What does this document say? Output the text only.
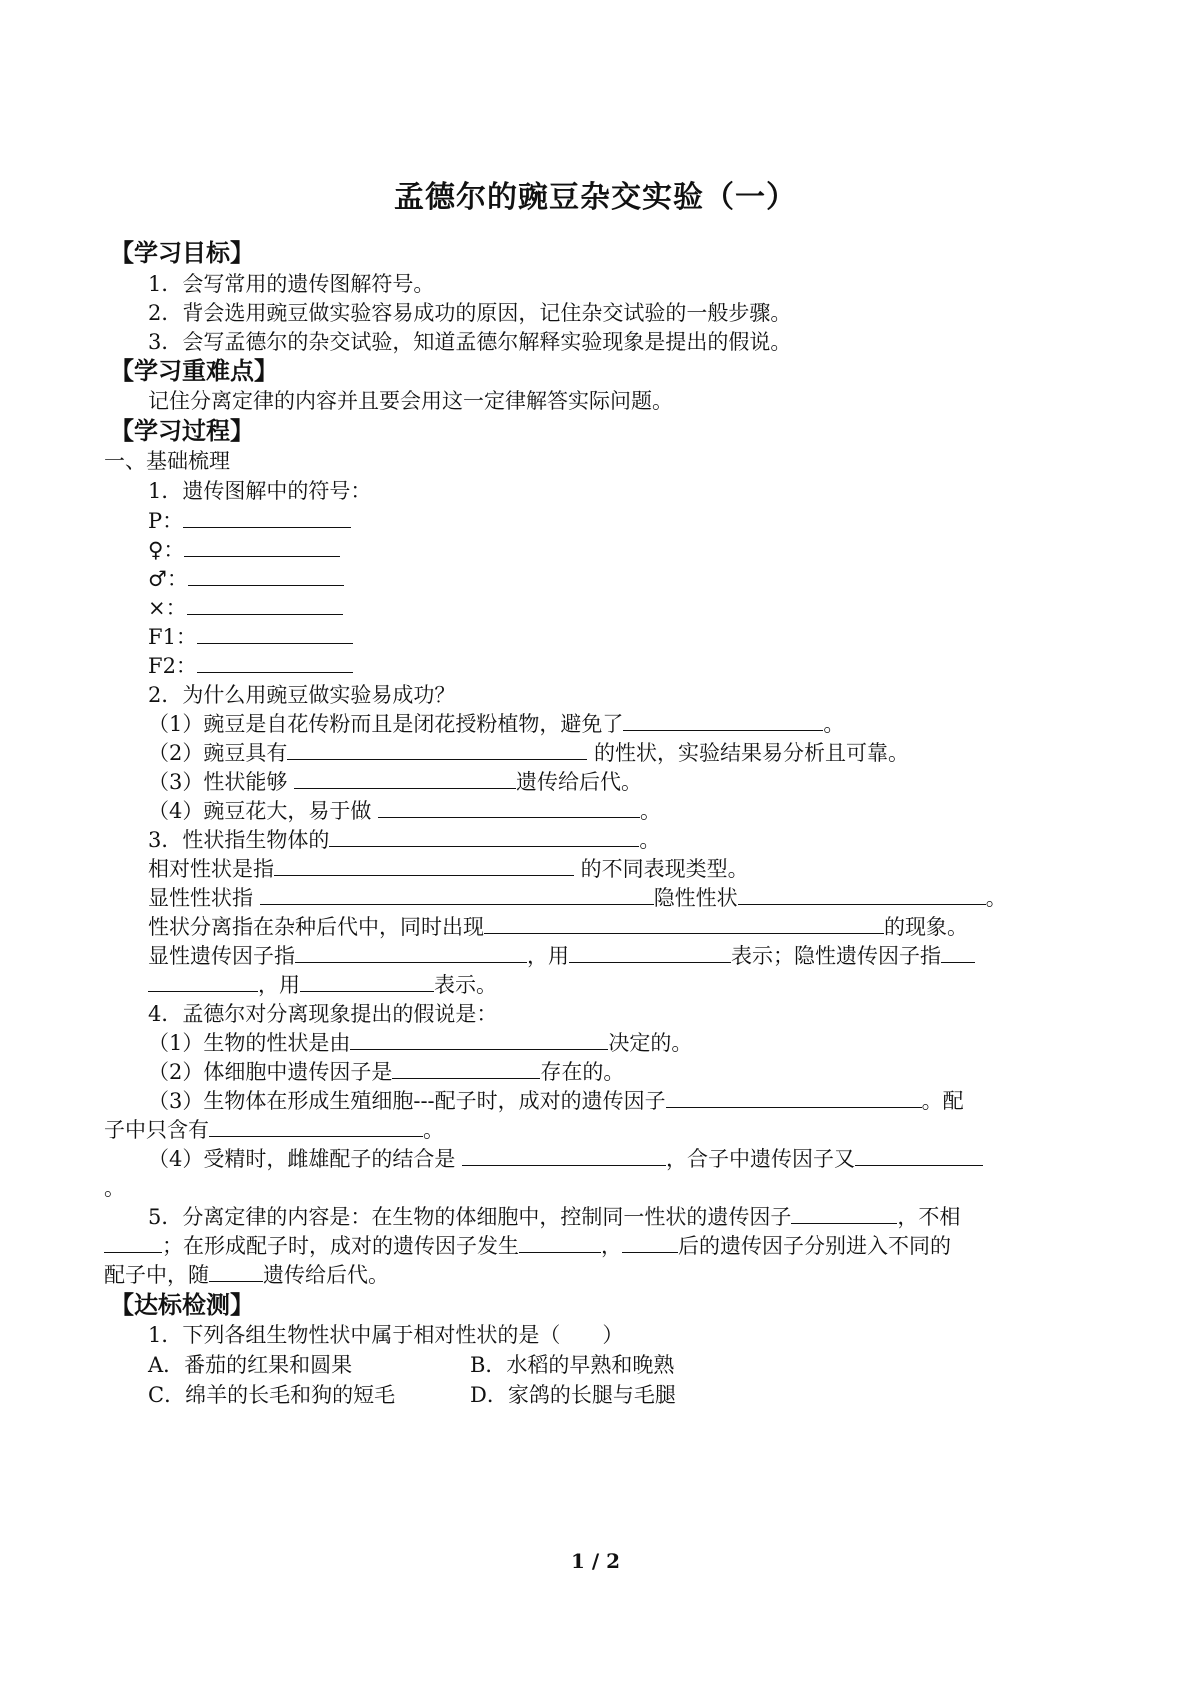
孟德尔的豌豆杂交实验（一）
【学习目标】
1．会写常用的遗传图解符号。
2．背会选用豌豆做实验容易成功的原因，记住杂交试验的一般步骤。
3．会写孟德尔的杂交试验，知道孟德尔解释实验现象是提出的假说。
【学习重难点】
记住分离定律的内容并且要会用这一定律解答实际问题。
【学习过程】
一、基础梳理
1．遗传图解中的符号：
P：
♀：
♂：
×：
F1：
F2：
2．为什么用豌豆做实验易成功？
（1）豌豆是自花传粉而且是闭花授粉植物，避免了	。
（2）豌豆具有	的性状，实验结果易分析且可靠。
（3）性状能够	遗传给后代。
（4）豌豆花大，易于做	。
3．性状指生物体的	。
相对性状是指	的不同表现类型。
显性性状指	隐性性状	。
性状分离指在杂种后代中，同时出现	的现象。
显性遗传因子指	，用	表示；隐性遗传因子指
，用	表示。
4．孟德尔对分离现象提出的假说是：
（1）生物的性状是由	决定的。
（2）体细胞中遗传因子是	存在的。
（3）生物体在形成生殖细胞---配子时，成对的遗传因子	。配
子中只含有	。
（4）受精时，雌雄配子的结合是	，合子中遗传因子又
。
5．分离定律的内容是：在生物的体细胞中，控制同一性状的遗传因子	，不相
；在形成配子时，成对的遗传因子发生	，	后的遗传因子分别进入不同的
配子中，随	遗传给后代。
【达标检测】
1．下列各组生物性状中属于相对性状的是（　　）
A．番茄的红果和圆果	B．水稻的早熟和晚熟
C．绵羊的长毛和狗的短毛	D．家鸽的长腿与毛腿
1 / 2
